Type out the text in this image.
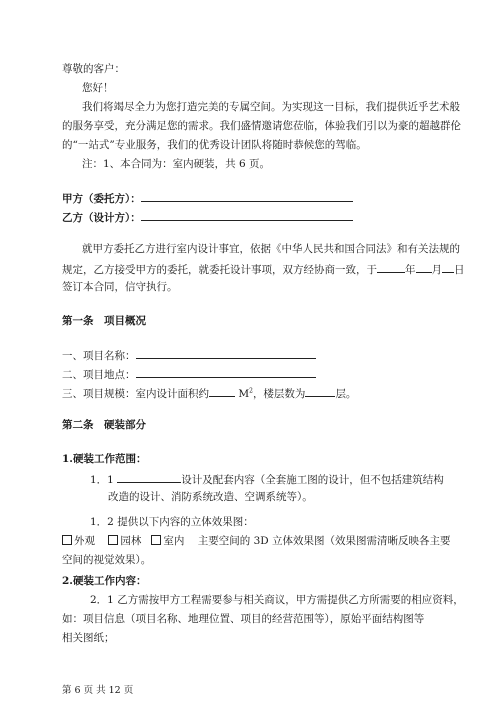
尊敬的客户：
您好！
我们将竭尽全力为您打造完美的专属空间。为实现这一目标，我们提供近乎艺术般
的服务享受，充分满足您的需求。我们盛情邀请您莅临，体验我们引以为豪的超越群伦
的“一站式”专业服务，我们的优秀设计团队将随时恭候您的驾临。
注：1、本合同为：室内硬装，共 6 页。
甲方（委托方）：
乙方（设计方）：
就甲方委托乙方进行室内设计事宜，依据《中华人民共和国合同法》和有关法规的
规定，乙方接受甲方的委托，就委托设计事项，双方经协商一致，于	年 月 日
签订本合同，信守执行。
第一条　项目概况
一、项目名称：
二、项目地点：
三、项目规模：室内设计面积约	$M^2$，楼层数为	层。
第二条　硬装部分
1.硬装工作范围：
1．1	设计及配套内容（全套施工图的设计，但不包括建筑结构
改造的设计、消防系统改造、空调系统等）。
1．2 提供以下内容的立体效果图：
外观 园林 室内 主要空间的 3D 立体效果图（效果图需清晰反映各主要
空间的视觉效果）。
2.硬装工作内容：
2．1 乙方需按甲方工程需要参与相关商议，甲方需提供乙方所需要的相应资料，
如：项目信息（项目名称、地理位置、项目的经营范围等），原始平面结构图等
相关图纸；
第 6 页 共 12 页
